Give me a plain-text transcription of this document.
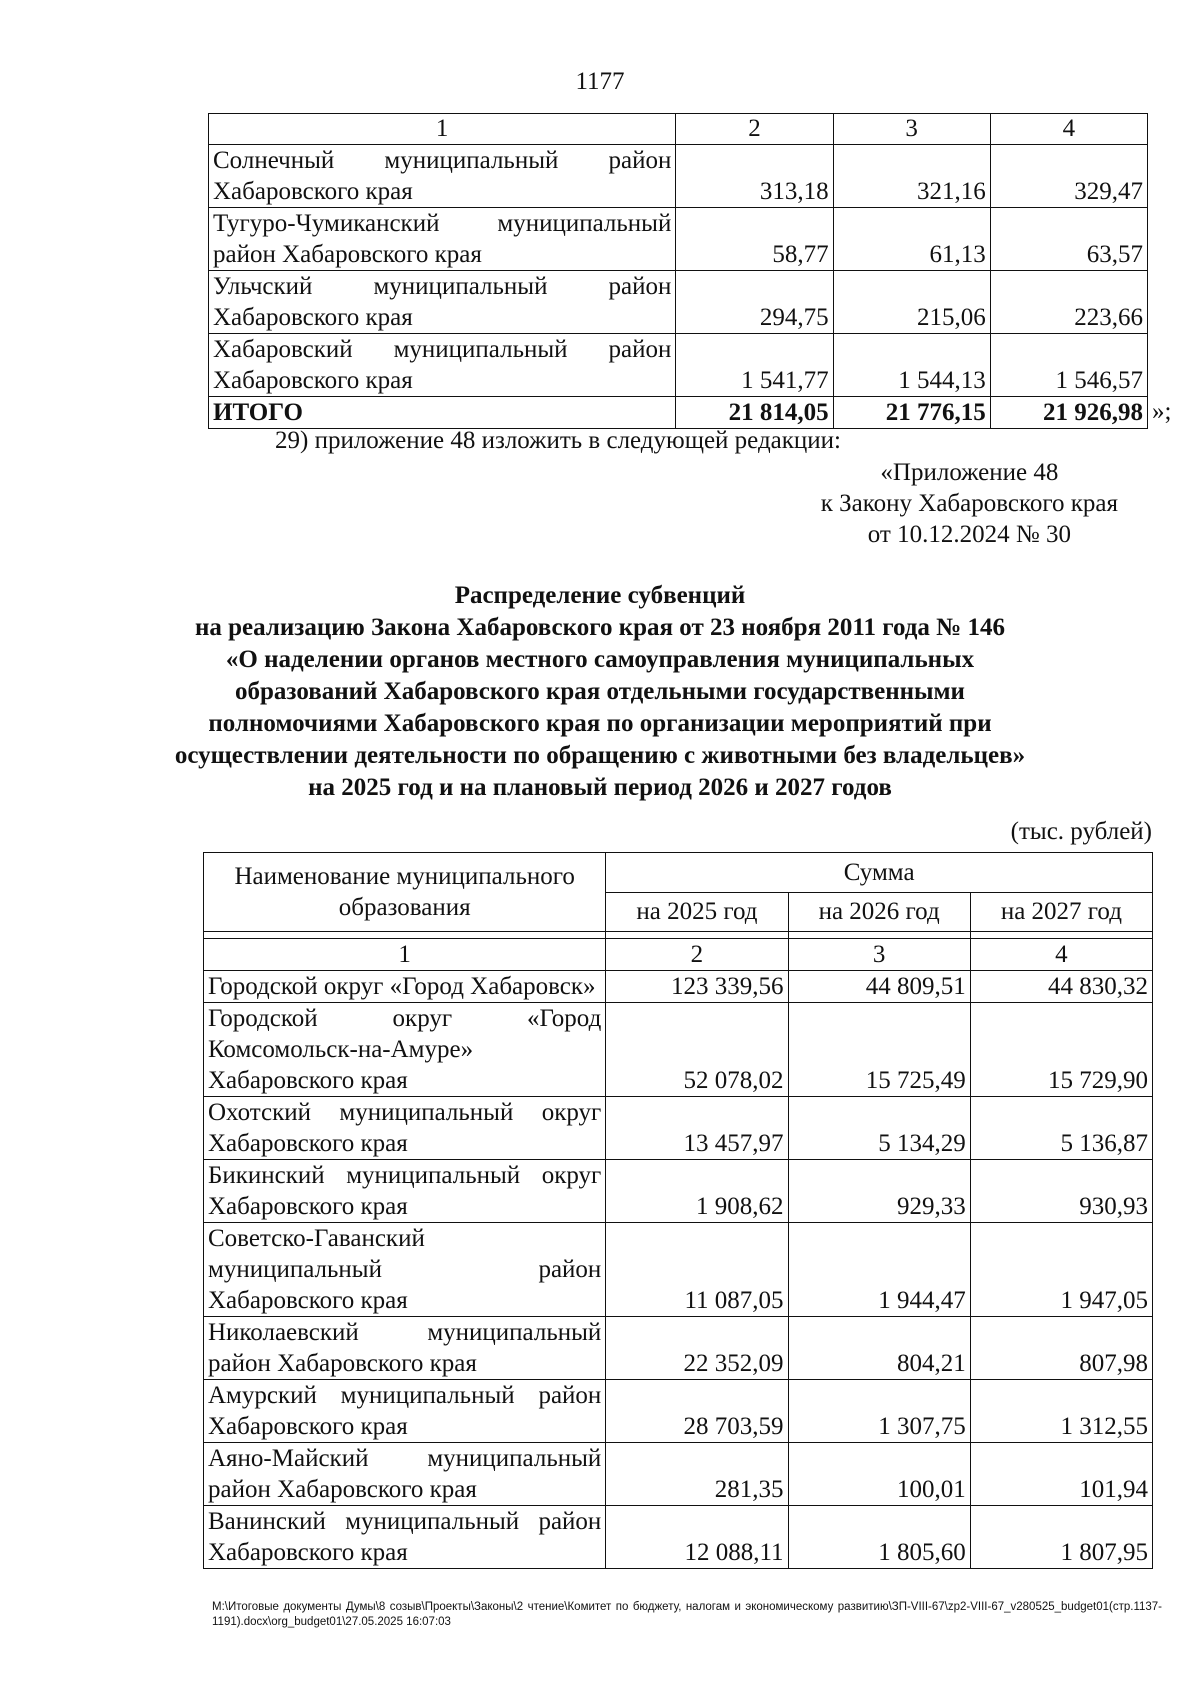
1177
1	2	3	4
Солнечный муниципальный район Хабаровского края	313,18	321,16	329,47
Тугуро-Чумиканский муниципальный район Хабаровского края	58,77	61,13	63,57
Ульчский муниципальный район Хабаровского края	294,75	215,06	223,66
Хабаровский муниципальный район Хабаровского края	1 541,77	1 544,13	1 546,57
ИТОГО	21 814,05	21 776,15	21 926,98 »;
29) приложение 48 изложить в следующей редакции:
«Приложение 48
к Закону Хабаровского края
от 10.12.2024 № 30
Распределение субвенций
на реализацию Закона Хабаровского края от 23 ноября 2011 года № 146
«О наделении органов местного самоуправления муниципальных
образований Хабаровского края отдельными государственными
полномочиями Хабаровского края по организации мероприятий при
осуществлении деятельности по обращению с животными без владельцев»
на 2025 год и на плановый период 2026 и 2027 годов
(тыс. рублей)
Наименование муниципального образования	Сумма		
	на 2025 год	на 2026 год	на 2027 год

1	2	3	4
Городской округ «Город Хабаровск»	123 339,56	44 809,51	44 830,32
Городской округ «Город Комсомольск-на-Амуре» Хабаровского края	52 078,02	15 725,49	15 729,90
Охотский муниципальный округ Хабаровского края	13 457,97	5 134,29	5 136,87
Бикинский муниципальный округ Хабаровского края	1 908,62	929,33	930,93
Советско-Гаванский муниципальный район Хабаровского края	11 087,05	1 944,47	1 947,05
Николаевский муниципальный район Хабаровского края	22 352,09	804,21	807,98
Амурский муниципальный район Хабаровского края	28 703,59	1 307,75	1 312,55
Аяно-Майский муниципальный район Хабаровского края	281,35	100,01	101,94
Ванинский муниципальный район Хабаровского края	12 088,11	1 805,60	1 807,95
M:\Итоговые документы Думы\8 созыв\Проекты\Законы\2 чтение\Комитет по бюджету, налогам и экономическому развитию\ЗП-VIII-67\zp2-VIII-67_v280525_budget01(стр.1137-1191).docx\org_budget01\27.05.2025 16:07:03
